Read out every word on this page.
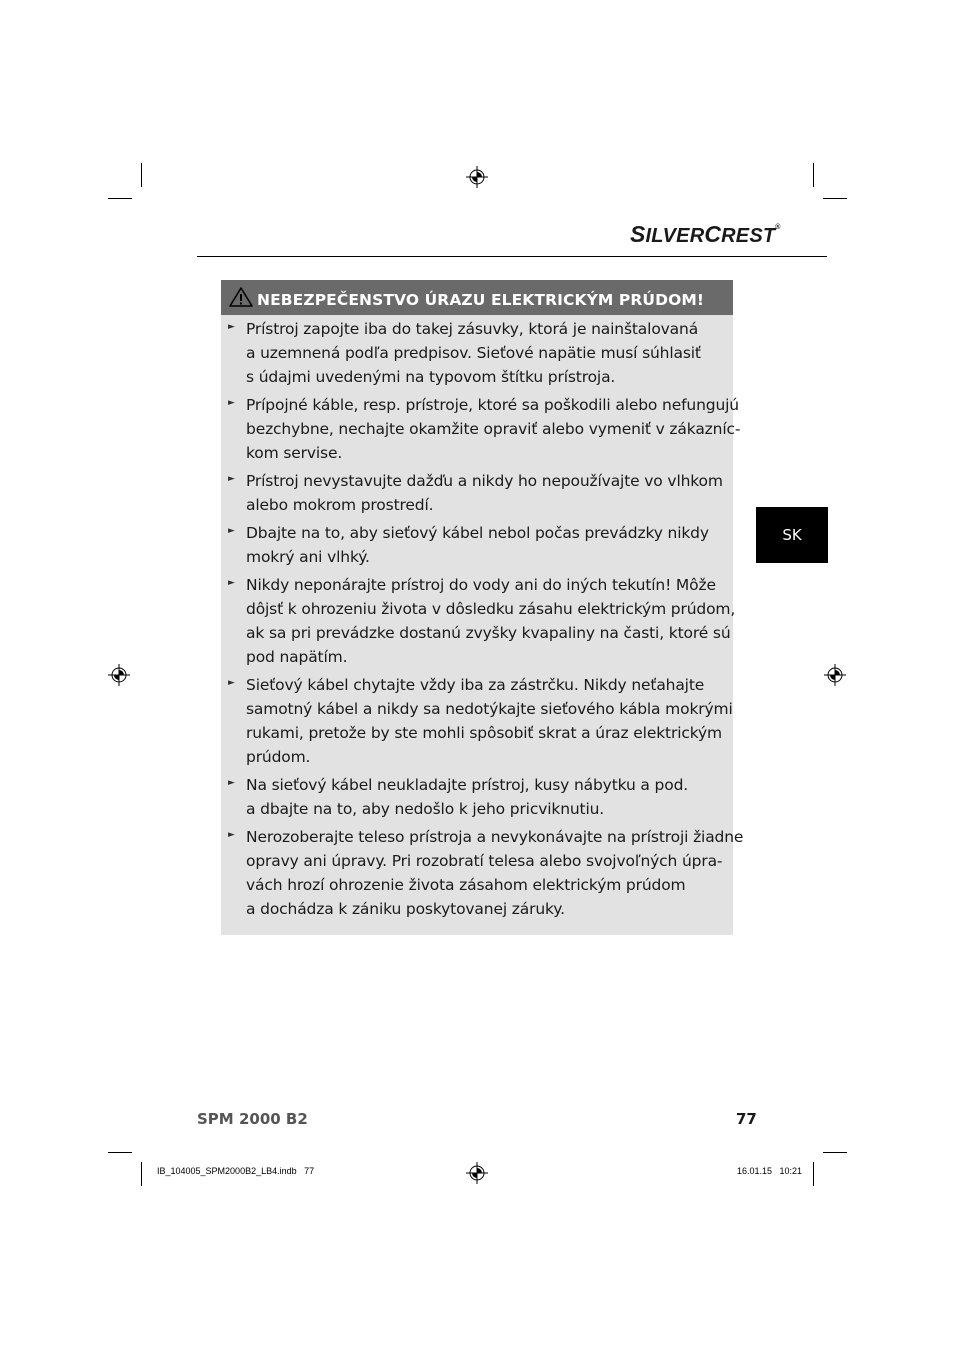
SILVERCREST®
NEBEZPEČENSTVO ÚRAZU ELEKTRICKÝM PRÚDOM!
► Prístroj zapojte iba do takej zásuvky, ktorá je nainštalovaná
a uzemnená podľa predpisov. Sieťové napätie musí súhlasiť
s údajmi uvedenými na typovom štítku prístroja.
► Prípojné káble, resp. prístroje, ktoré sa poškodili alebo nefungujú
bezchybne, nechajte okamžite opraviť alebo vymeniť v zákazníc-
kom servise.
► Prístroj nevystavujte dažďu a nikdy ho nepoužívajte vo vlhkom
alebo mokrom prostredí.
► Dbajte na to, aby sieťový kábel nebol počas prevádzky nikdy
mokrý ani vlhký.
► Nikdy neponárajte prístroj do vody ani do iných tekutín! Môže
dôjsť k ohrozeniu života v dôsledku zásahu elektrickým prúdom,
ak sa pri prevádzke dostanú zvyšky kvapaliny na časti, ktoré sú
pod napätím.
► Sieťový kábel chytajte vždy iba za zástrčku. Nikdy neťahajte
samotný kábel a nikdy sa nedotýkajte sieťového kábla mokrými
rukami, pretože by ste mohli spôsobiť skrat a úraz elektrickým
prúdom.
► Na sieťový kábel neukladajte prístroj, kusy nábytku a pod.
a dbajte na to, aby nedošlo k jeho pricviknutiu.
► Nerozoberajte teleso prístroja a nevykonávajte na prístroji žiadne
opravy ani úpravy. Pri rozobratí telesa alebo svojvoľných úpra-
vách hrozí ohrozenie života zásahom elektrickým prúdom
a dochádza k zániku poskytovanej záruky.
SK
SPM 2000 B2	77
IB_104005_SPM2000B2_LB4.indb   77	16.01.15   10:21
